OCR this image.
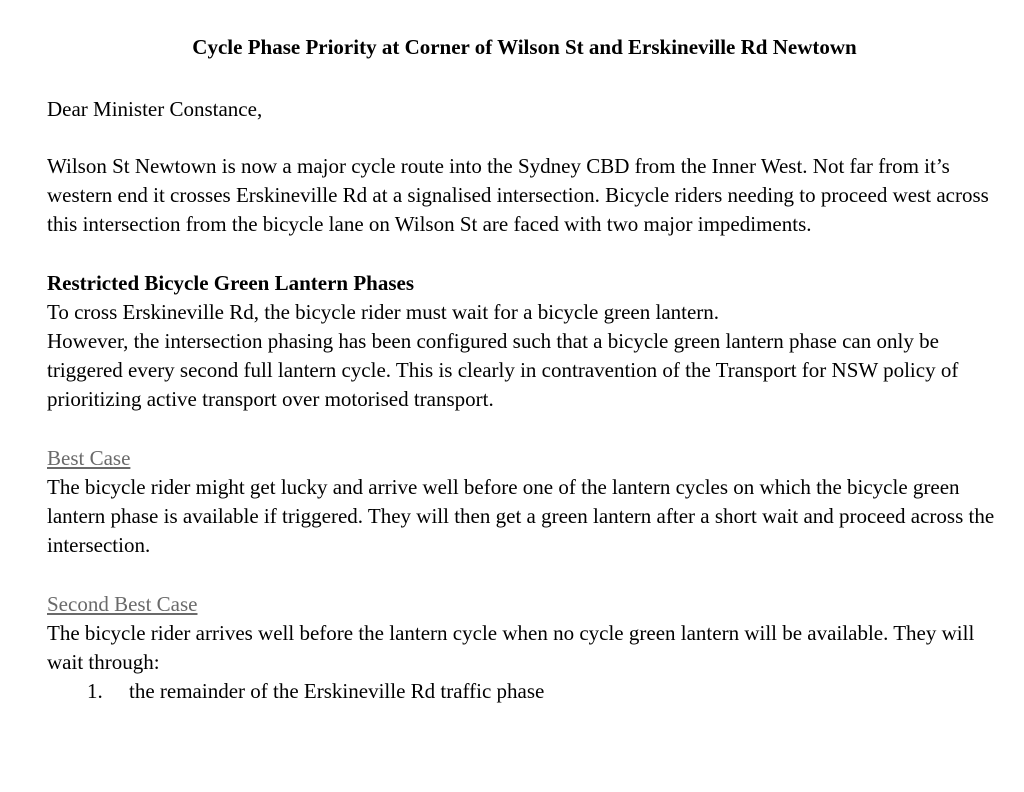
Cycle Phase Priority at Corner of Wilson St and Erskineville Rd Newtown
Dear Minister Constance,
Wilson St Newtown is now a major cycle route into the Sydney CBD from the Inner West. Not far from it’s western end it crosses Erskineville Rd at a signalised intersection. Bicycle riders needing to proceed west across this intersection from the bicycle lane on Wilson St are faced with two major impediments.
Restricted Bicycle Green Lantern Phases
To cross Erskineville Rd, the bicycle rider must wait for a bicycle green lantern.
However, the intersection phasing has been configured such that a bicycle green lantern phase can only be triggered every second full lantern cycle. This is clearly in contravention of the Transport for NSW policy of prioritizing active transport over motorised transport.
Best Case
The bicycle rider might get lucky and arrive well before one of the lantern cycles on which the bicycle green lantern phase is available if triggered. They will then get a green lantern after a short wait and proceed across the intersection.
Second Best Case
The bicycle rider arrives well before the lantern cycle when no cycle green lantern will be available. They will wait through:
1. the remainder of the Erskineville Rd traffic phase
